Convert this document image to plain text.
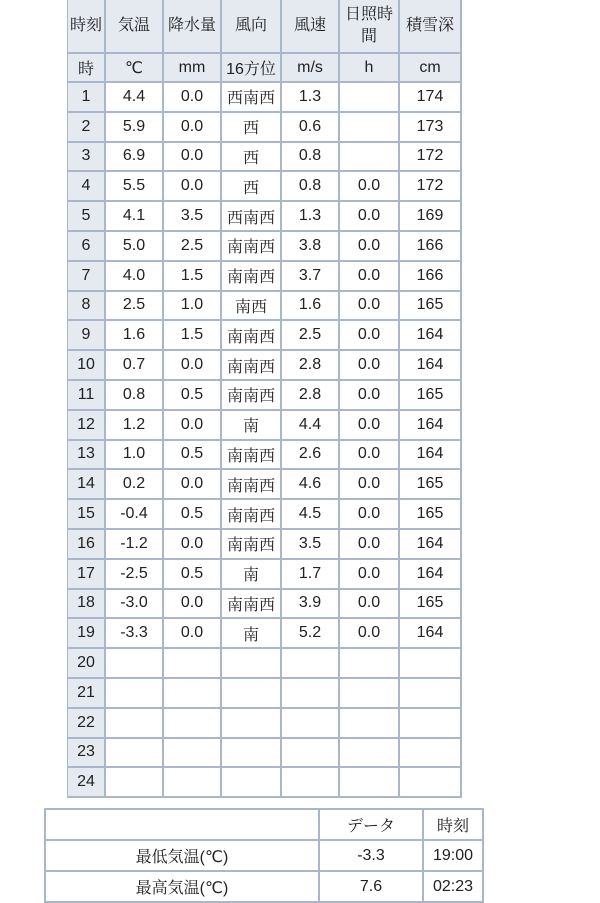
時刻	気温	降水量	風向	風速	日照時間	積雪深
時	℃	mm	16方位	m/s	h	cm
1	4.4	0.0	西南西	1.3		174
2	5.9	0.0	西	0.6		173
3	6.9	0.0	西	0.8		172
4	5.5	0.0	西	0.8	0.0	172
5	4.1	3.5	西南西	1.3	0.0	169
6	5.0	2.5	南南西	3.8	0.0	166
7	4.0	1.5	南南西	3.7	0.0	166
8	2.5	1.0	南西	1.6	0.0	165
9	1.6	1.5	南南西	2.5	0.0	164
10	0.7	0.0	南南西	2.8	0.0	164
11	0.8	0.5	南南西	2.8	0.0	165
12	1.2	0.0	南	4.4	0.0	164
13	1.0	0.5	南南西	2.6	0.0	164
14	0.2	0.0	南南西	4.6	0.0	165
15	-0.4	0.5	南南西	4.5	0.0	165
16	-1.2	0.0	南南西	3.5	0.0	164
17	-2.5	0.5	南	1.7	0.0	164
18	-3.0	0.0	南南西	3.9	0.0	165
19	-3.3	0.0	南	5.2	0.0	164
20						
21						
22						
23						
24						
	データ	時刻
最低気温(℃)	-3.3	19:00
最高気温(℃)	7.6	02:23
